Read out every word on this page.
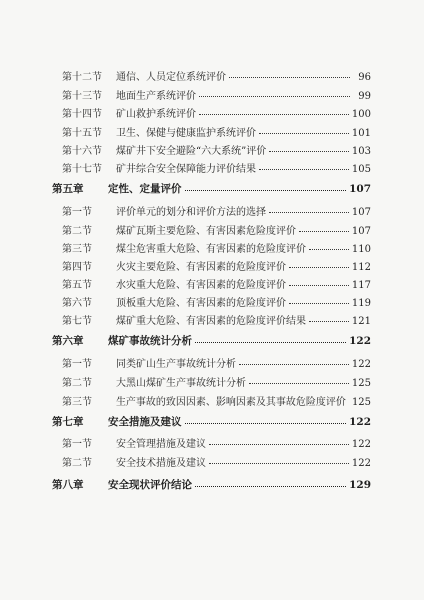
第十二节	通信、人员定位系统评价	96
第十三节	地面生产系统评价	99
第十四节	矿山救护系统评价	100
第十五节	卫生、保健与健康监护系统评价	101
第十六节	煤矿井下安全避险“六大系统”评价	103
第十七节	矿井综合安全保障能力评价结果	105
第五章	定性、定量评价	107
第一节	评价单元的划分和评价方法的选择	107
第二节	煤矿瓦斯主要危险、有害因素危险度评价	107
第三节	煤尘危害重大危险、有害因素的危险度评价	110
第四节	火灾主要危险、有害因素的危险度评价	112
第五节	水灾重大危险、有害因素的危险度评价	117
第六节	顶板重大危险、有害因素的危险度评价	119
第七节	煤矿重大危险、有害因素的危险度评价结果	121
第六章	煤矿事故统计分析	122
第一节	同类矿山生产事故统计分析	122
第二节	大黑山煤矿生产事故统计分析	125
第三节	生产事故的致因因素、影响因素及其事故危险度评价 125
第七章	安全措施及建议	122
第一节	安全管理措施及建议	122
第二节	安全技术措施及建议	122
第八章	安全现状评价结论	129
